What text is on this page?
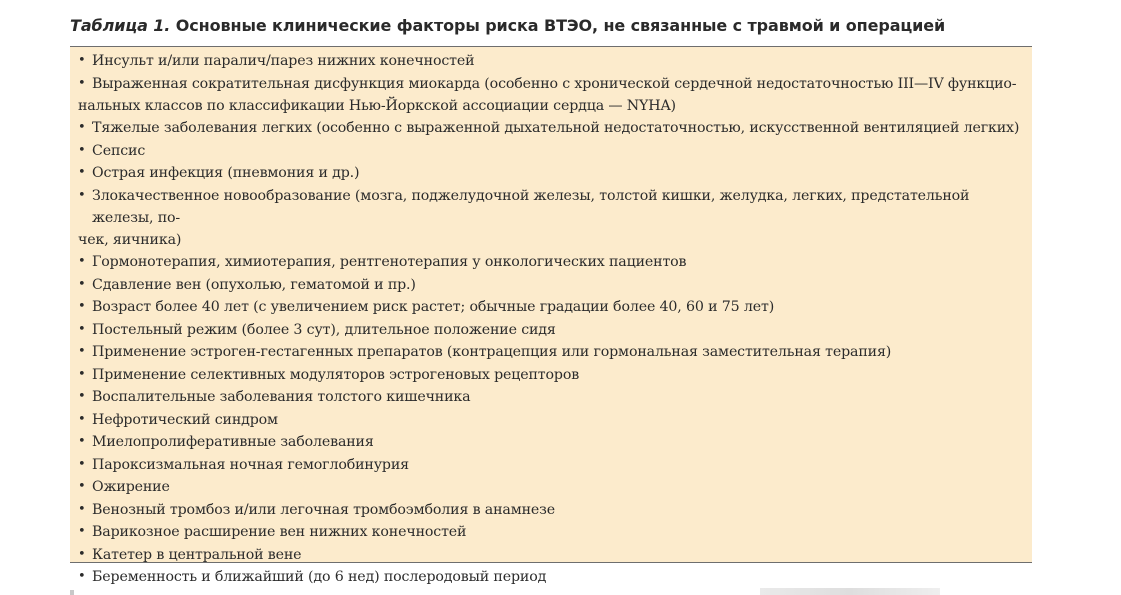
Таблица 1. Основные клинические факторы риска ВТЭО, не связанные с травмой и операцией
• Инсульт и/или паралич/парез нижних конечностей
• Выраженная сократительная дисфункция миокарда (особенно с хронической сердечной недостаточностью III—IV функцио-
нальных классов по классификации Нью-Йоркской ассоциации сердца — NYHA)
• Тяжелые заболевания легких (особенно с выраженной дыхательной недостаточностью, искусственной вентиляцией легких)
• Сепсис
• Острая инфекция (пневмония и др.)
• Злокачественное новообразование (мозга, поджелудочной железы, толстой кишки, желудка, легких, предстательной железы, по-
чек, яичника)
• Гормонотерапия, химиотерапия, рентгенотерапия у онкологических пациентов
• Сдавление вен (опухолью, гематомой и пр.)
• Возраст более 40 лет (с увеличением риск растет; обычные градации более 40, 60 и 75 лет)
• Постельный режим (более 3 сут), длительное положение сидя
• Применение эстроген-гестагенных препаратов (контрацепция или гормональная заместительная терапия)
• Применение селективных модуляторов эстрогеновых рецепторов
• Воспалительные заболевания толстого кишечника
• Нефротический синдром
• Миелопролиферативные заболевания
• Пароксизмальная ночная гемоглобинурия
• Ожирение
• Венозный тромбоз и/или легочная тромбоэмболия в анамнезе
• Варикозное расширение вен нижних конечностей
• Катетер в центральной вене
• Беременность и ближайший (до 6 нед) послеродовый период
